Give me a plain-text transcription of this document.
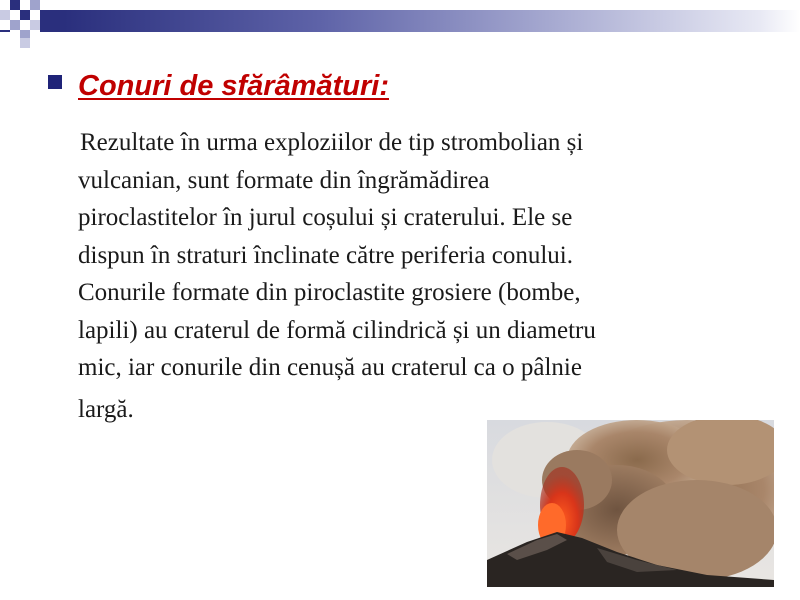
Conuri de sfărâmături:
Rezultate în urma exploziilor de tip strombolian și
vulcanian, sunt formate din îngrămădirea
piroclastitelor în jurul coșului și craterului. Ele se
dispun în straturi înclinate către periferia conului.
Conurile formate din piroclastite grosiere (bombe,
lapili) au craterul de formă cilindrică și un diametru
mic, iar conurile din cenușă au craterul ca o pâlnie
largă.
